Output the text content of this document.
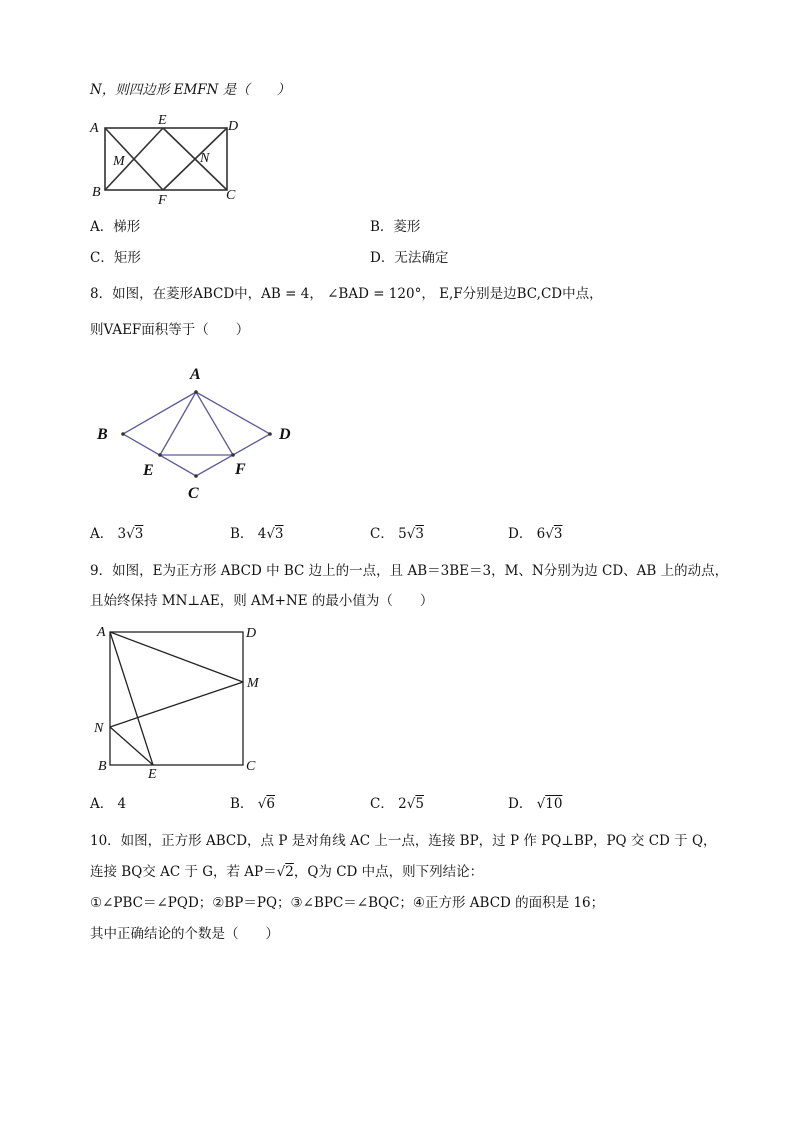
N，则四边形 EMFN 是（　　）
A
E	D
M	N
B
F	C
A．梯形	B．菱形
C．矩形	D．无法确定
8．如图，在菱形ABCD中，AB = 4， ∠BAD = 120°， E,F分别是边BC,CD中点，
则VAEF面积等于（　　）
A
B	D
E	F
C
A． 3√3	B． 4√3	C． 5√3	D． 6√3
9．如图，E为正方形 ABCD 中 BC 边上的一点，且 AB＝3BE＝3，M、N分别为边 CD、AB 上的动点，
且始终保持 MN⊥AE，则 AM+NE 的最小值为（　　）
A	D
M
N
B
E
C
A． 4	B． √6	C． 2√5	D． √10
10．如图，正方形 ABCD，点 P 是对角线 AC 上一点，连接 BP，过 P 作 PQ⊥BP，PQ 交 CD 于 Q，
连接 BQ交 AC 于 G，若 AP＝√2，Q为 CD 中点，则下列结论：
①∠PBC＝∠PQD；②BP＝PQ；③∠BPC＝∠BQC；④正方形 ABCD 的面积是 16；
其中正确结论的个数是（　　）
